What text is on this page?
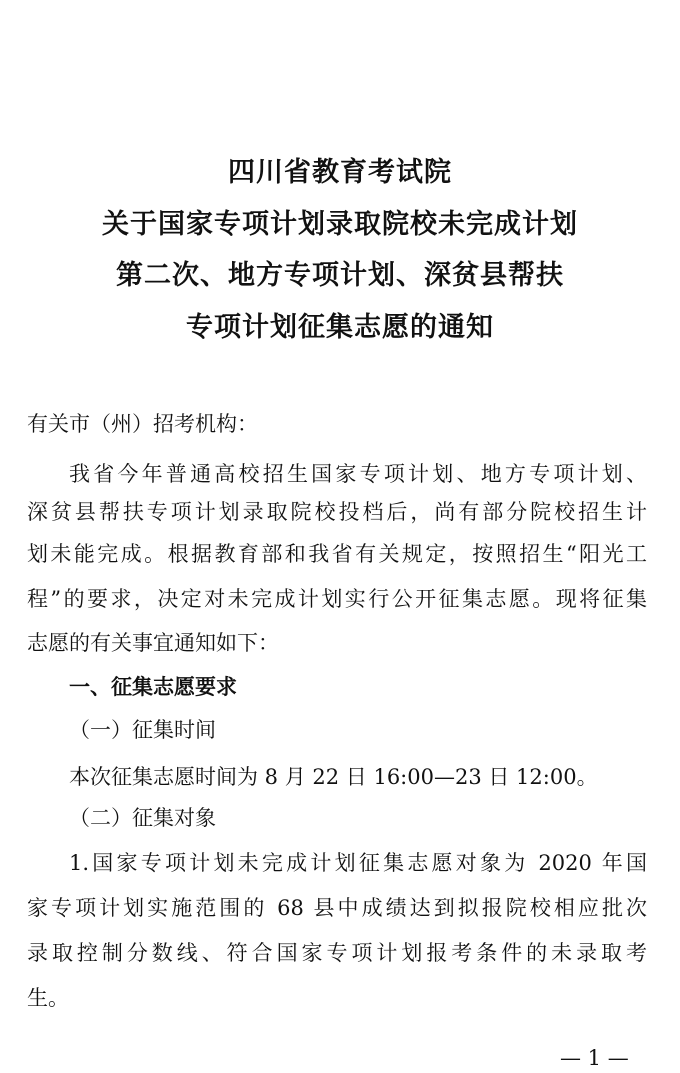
四川省教育考试院
关于国家专项计划录取院校未完成计划
第二次、地方专项计划、深贫县帮扶
专项计划征集志愿的通知
有关市（州）招考机构：
我省今年普通高校招生国家专项计划、地方专项计划、
深贫县帮扶专项计划录取院校投档后，尚有部分院校招生计
划未能完成。根据教育部和我省有关规定，按照招生“阳光工
程”的要求，决定对未完成计划实行公开征集志愿。现将征集
志愿的有关事宜通知如下：
一、征集志愿要求
（一）征集时间
本次征集志愿时间为 8 月 22 日 16:00—23 日 12:00。
（二）征集对象
1.国家专项计划未完成计划征集志愿对象为 2020 年国
家专项计划实施范围的 68 县中成绩达到拟报院校相应批次
录取控制分数线、符合国家专项计划报考条件的未录取考
生。
— 1 —
